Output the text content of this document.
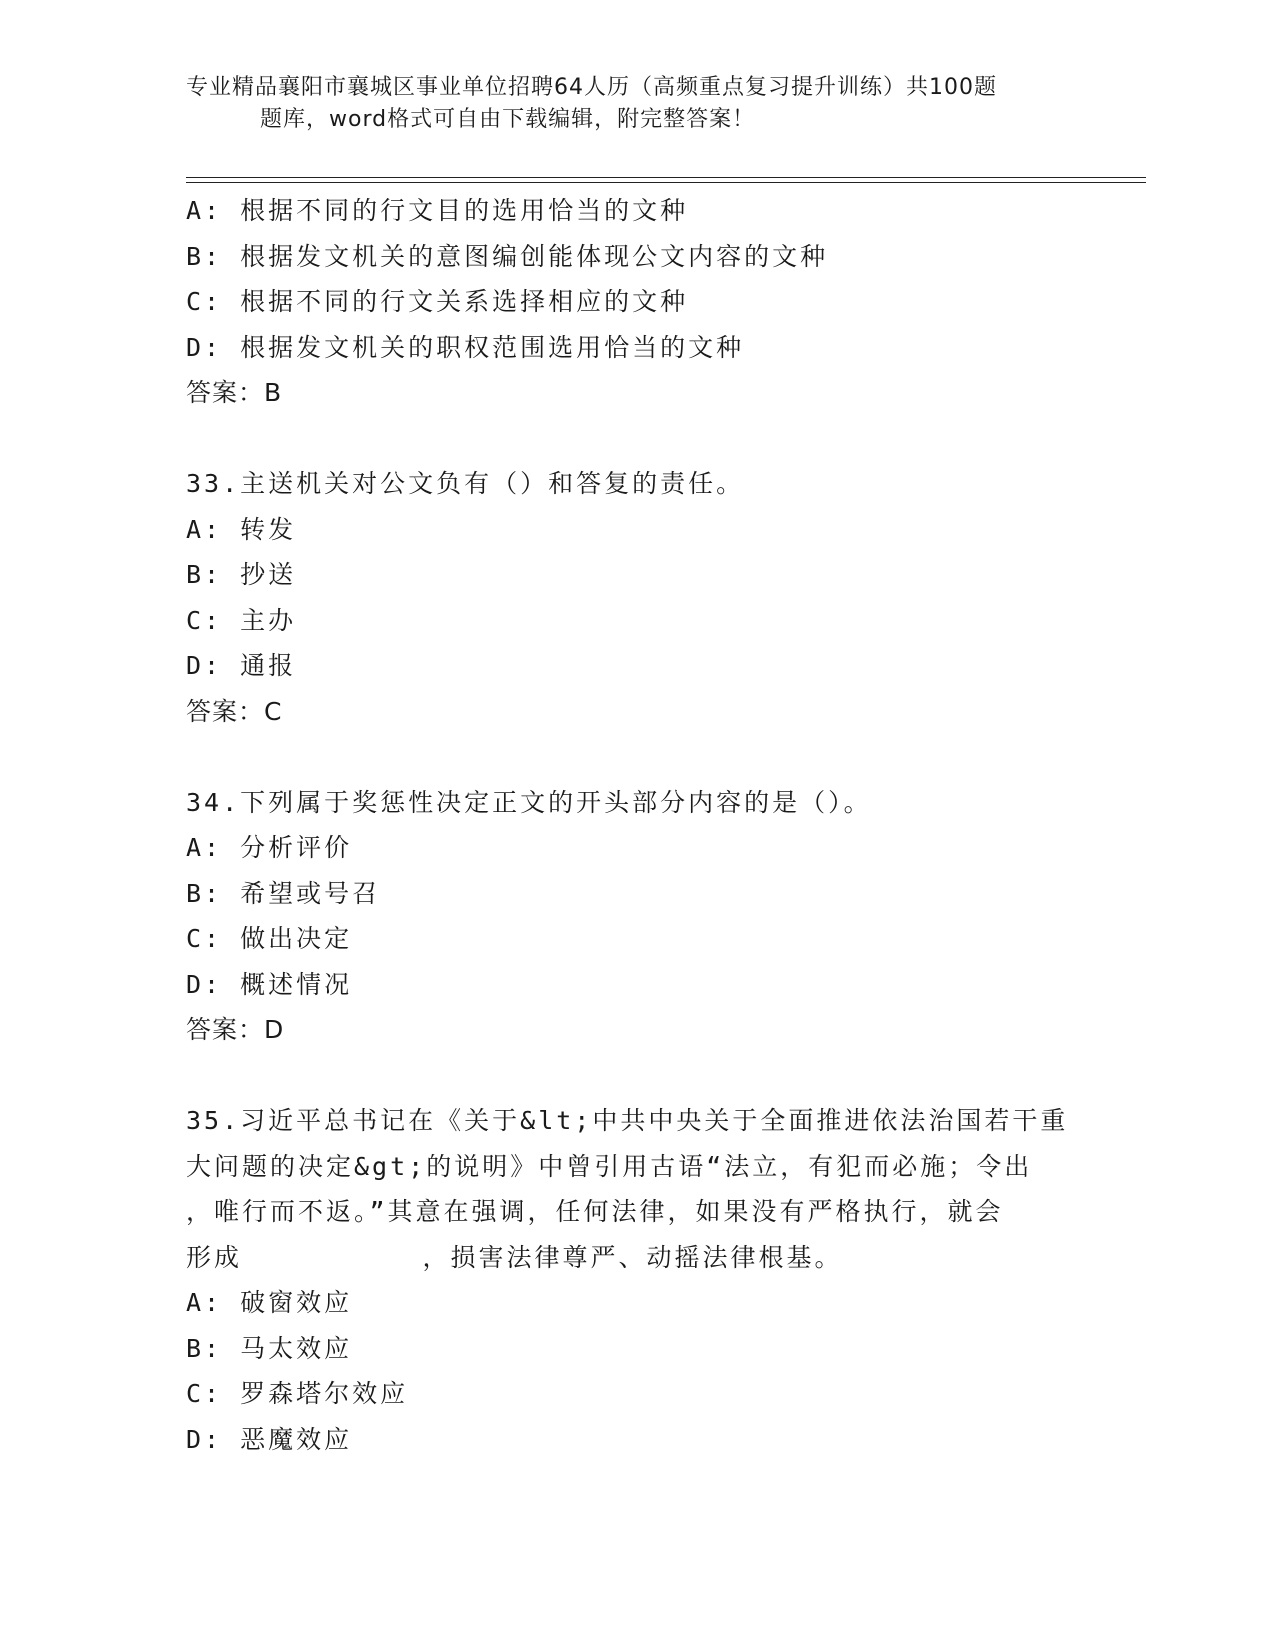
专业精品襄阳市襄城区事业单位招聘64人历（高频重点复习提升训练）共100题
题库，word格式可自由下载编辑，附完整答案！
A: 根据不同的行文目的选用恰当的文种
B: 根据发文机关的意图编创能体现公文内容的文种
C: 根据不同的行文关系选择相应的文种
D: 根据发文机关的职权范围选用恰当的文种
答案：B
33.主送机关对公文负有（）和答复的责任。
A: 转发
B: 抄送
C: 主办
D: 通报
答案：C
34.下列属于奖惩性决定正文的开头部分内容的是（）。
A: 分析评价
B: 希望或号召
C: 做出决定
D: 概述情况
答案：D
35.习近平总书记在《关于&lt;中共中央关于全面推进依法治国若干重
大问题的决定&gt;的说明》中曾引用古语“法立，有犯而必施；令出
，唯行而不返。”其意在强调，任何法律，如果没有严格执行，就会
形成          ，损害法律尊严、动摇法律根基。
A: 破窗效应
B: 马太效应
C: 罗森塔尔效应
D: 恶魔效应
